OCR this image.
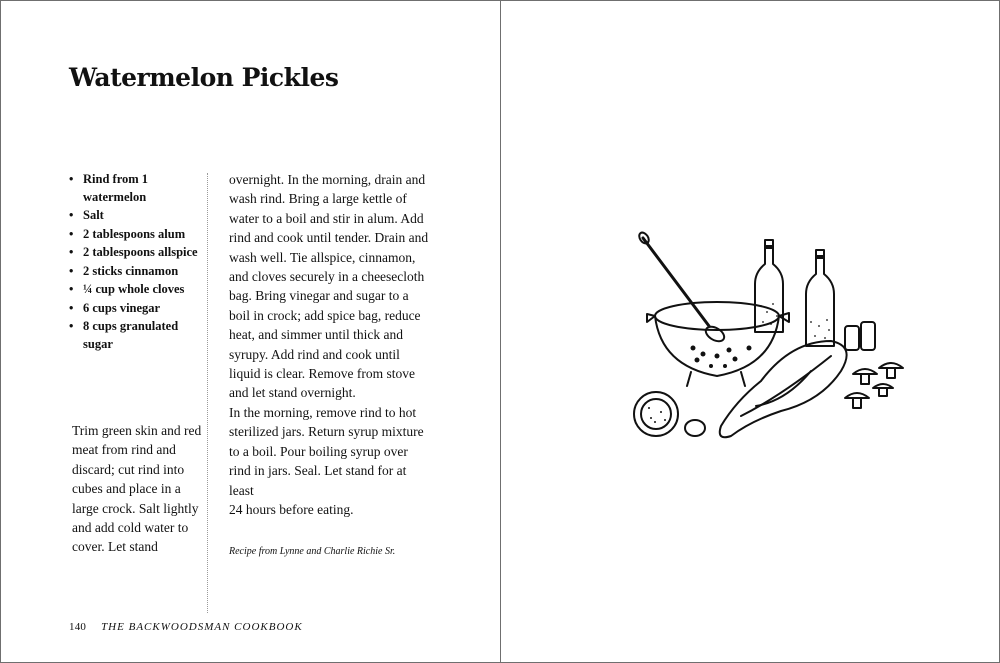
Watermelon Pickles
• Rind from 1 watermelon
• Salt
• 2 tablespoons alum
• 2 tablespoons allspice
• 2 sticks cinnamon
• ¼ cup whole cloves
• 6 cups vinegar
• 8 cups granulated sugar

Trim green skin and red meat from rind and discard; cut rind into cubes and place in a large crock. Salt lightly and add cold water to cover. Let stand

overnight. In the morning, drain and wash rind. Bring a large kettle of water to a boil and stir in alum. Add rind and cook until tender. Drain and wash well. Tie allspice, cinnamon, and cloves securely in a cheesecloth bag. Bring vinegar and sugar to a boil in crock; add spice bag, reduce heat, and simmer until thick and syrupy. Add rind and cook until liquid is clear. Remove from stove and let stand overnight.
In the morning, remove rind to hot sterilized jars. Return syrup mixture to a boil. Pour boiling syrup over rind in jars. Seal. Let stand for at least
24 hours before eating.

Recipe from Lynne and Charlie Richie Sr.

140 THE BACKWOODSMAN COOKBOOK
